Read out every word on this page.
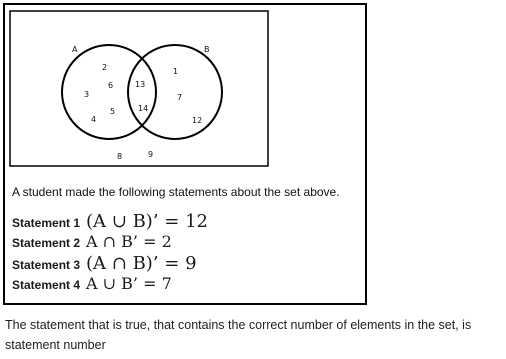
A	B
2
6
3
5
4
13
14
1
7
12
8	9
A student made the following statements about the set above.
Statement 1 (A ∪ B)’ = 12
Statement 2 A ∩ B’ = 2
Statement 3 (A ∩ B)’ = 9
Statement 4 A ∪ B’ = 7
The statement that is true, that contains the correct number of elements in the set, is statement number
